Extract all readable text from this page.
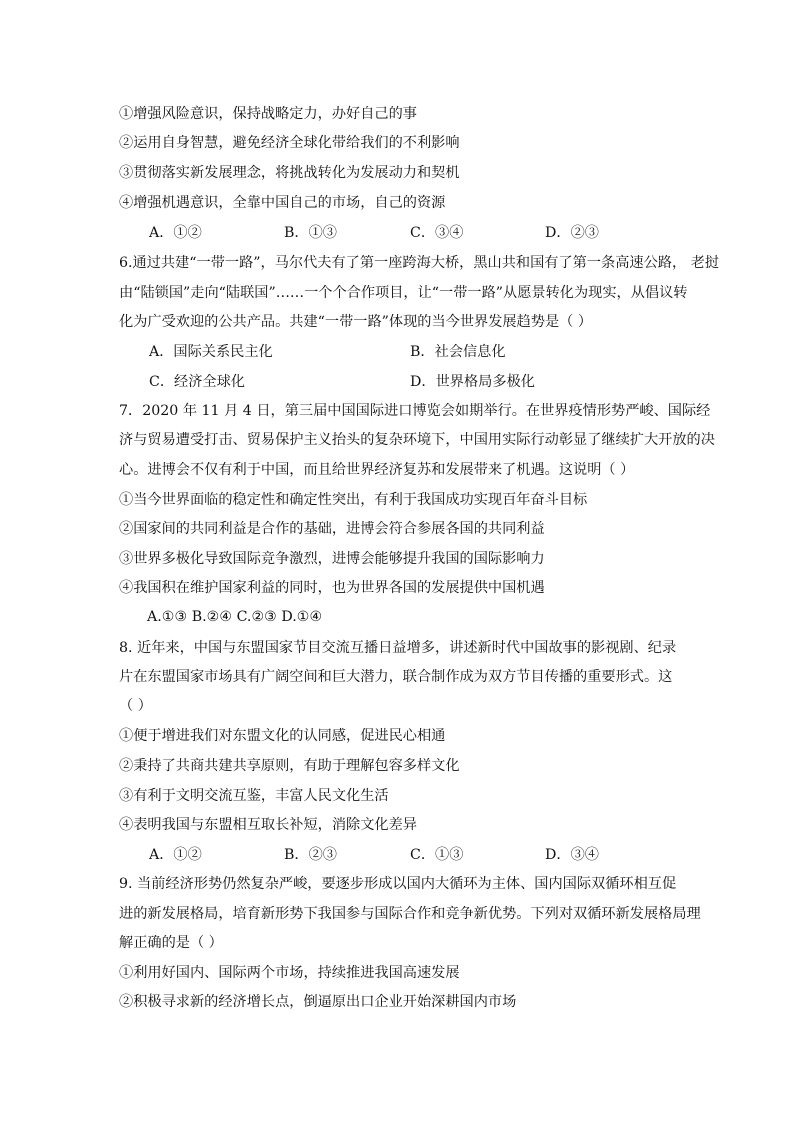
①增强风险意识，保持战略定力，办好自己的事
②运用自身智慧，避免经济全球化带给我们的不利影响
③贯彻落实新发展理念，将挑战转化为发展动力和契机
④增强机遇意识，全靠中国自己的市场，自己的资源
A．①②	B．①③	C．③④	D．②③
6.通过共建“一带一路”，马尔代夫有了第一座跨海大桥，黑山共和国有了第一条高速公路， 老挝
由“陆锁国”走向“陆联国”……一个个合作项目，让“一带一路”从愿景转化为现实，从倡议转
化为广受欢迎的公共产品。共建“一带一路”体现的当今世界发展趋势是（ ）
A．国际关系民主化	B．社会信息化
C．经济全球化	D．世界格局多极化
7．2020 年 11 月 4 日，第三届中国国际进口博览会如期举行。在世界疫情形势严峻、国际经
济与贸易遭受打击、贸易保护主义抬头的复杂环境下，中国用实际行动彰显了继续扩大开放的决
心。进博会不仅有利于中国，而且给世界经济复苏和发展带来了机遇。这说明（ ）
①当今世界面临的稳定性和确定性突出，有利于我国成功实现百年奋斗目标
②国家间的共同利益是合作的基础，进博会符合参展各国的共同利益
③世界多极化导致国际竞争激烈，进博会能够提升我国的国际影响力
④我国积在维护国家利益的同时，也为世界各国的发展提供中国机遇
A.①③ B.②④ C.②③ D.①④
8. 近年来，中国与东盟国家节目交流互播日益增多，讲述新时代中国故事的影视剧、纪录
片在东盟国家市场具有广阔空间和巨大潜力，联合制作成为双方节目传播的重要形式。这
（ ）
①便于增进我们对东盟文化的认同感，促进民心相通
②秉持了共商共建共享原则，有助于理解包容多样文化
③有利于文明交流互鉴，丰富人民文化生活
④表明我国与东盟相互取长补短，消除文化差异
A．①②	B．②③	C．①③	D．③④
9. 当前经济形势仍然复杂严峻，要逐步形成以国内大循环为主体、国内国际双循环相互促
进的新发展格局，培育新形势下我国参与国际合作和竞争新优势。下列对双循环新发展格局理
解正确的是（ ）
①利用好国内、国际两个市场，持续推进我国高速发展
②积极寻求新的经济增长点，倒逼原出口企业开始深耕国内市场
